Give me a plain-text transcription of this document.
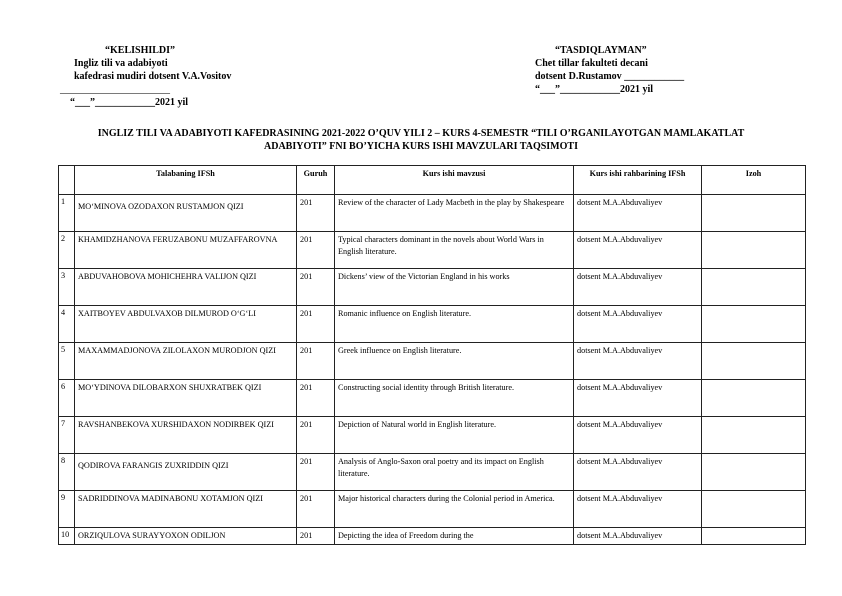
“KELISHILDI”
Ingliz tili va adabiyoti
kafedrasi mudiri dotsent V.A.Vositov
______________________
“___”____________2021 yil
“TASDIQLAYMAN”
Chet tillar fakulteti decani
dotsent D.Rustamov ____________
“___”____________2021 yil
INGLIZ TILI VA ADABIYOTI KAFEDRASINING 2021-2022 O’QUV YILI 2 – KURS 4-SEMESTR “TILI O’RGANILAYOTGAN MAMLAKATLAT
ADABIYOTI” FNI BO’YICHA KURS ISHI MAVZULARI TAQSIMOTI
	Talabaning IFSh	Guruh	Kurs ishi mavzusi	Kurs ishi rahbarining IFSh	Izoh
1	MO‘MINOVA OZODAXON RUSTAMJON QIZI	201	Review of the character of Lady Macbeth in the play by Shakespeare	dotsent M.A.Abduvaliyev	
2	KHAMIDZHANOVA FERUZABONU MUZAFFAROVNA	201	Typical characters dominant in the novels about World Wars in English literature.	dotsent M.A.Abduvaliyev	
3	ABDUVAHOBOVA MOHICHEHRA VALIJON QIZI	201	Dickens’ view of the Victorian England in his works	dotsent M.A.Abduvaliyev	
4	XAITBOYEV ABDULVAXOB DILMUROD O‘G‘LI	201	Romanic influence on English literature.	dotsent M.A.Abduvaliyev	
5	MAXAMMADJONOVA ZILOLAXON MURODJON QIZI	201	Greek influence on English literature.	dotsent M.A.Abduvaliyev	
6	MO‘YDINOVA DILOBARXON SHUXRATBEK QIZI	201	Constructing social identity through British literature.	dotsent M.A.Abduvaliyev	
7	RAVSHANBEKOVA XURSHIDAXON NODIRBEK QIZI	201	Depiction of Natural world in English literature.	dotsent M.A.Abduvaliyev	
8	QODIROVA FARANGIS ZUXRIDDIN QIZI	201	Analysis of Anglo-Saxon oral poetry and its impact on English literature.	dotsent M.A.Abduvaliyev	
9	SADRIDDINOVA MADINABONU XOTAMJON QIZI	201	Major historical characters during the Colonial period in America.	dotsent M.A.Abduvaliyev	
10	ORZIQULOVA SURAYYOXON ODILJON	201	Depicting the idea of Freedom during the	dotsent M.A.Abduvaliyev	
